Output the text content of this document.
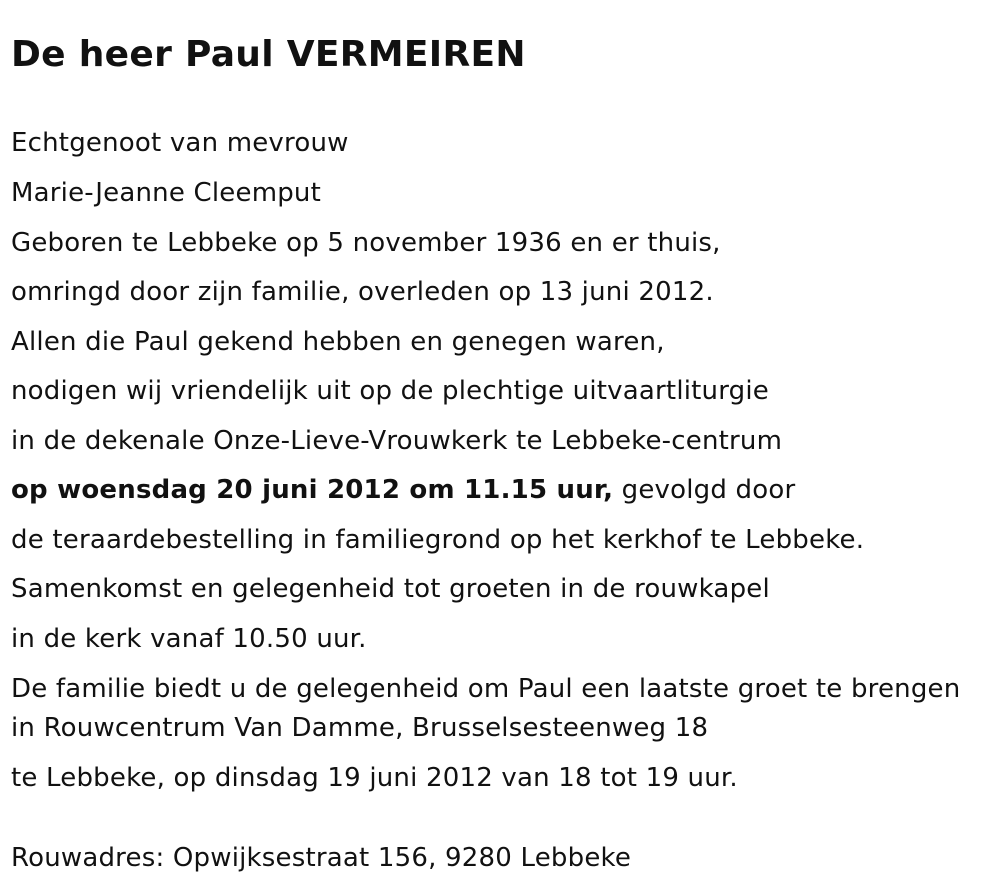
De heer Paul VERMEIREN

Echtgenoot van mevrouw

Marie-Jeanne Cleemput

Geboren te Lebbeke op 5 november 1936 en er thuis,

omringd door zijn familie, overleden op 13 juni 2012.

Allen die Paul gekend hebben en genegen waren,

nodigen wij vriendelijk uit op de plechtige uitvaartliturgie

in de dekenale Onze-Lieve-Vrouwkerk te Lebbeke-centrum

op woensdag 20 juni 2012 om 11.15 uur, gevolgd door

de teraardebestelling in familiegrond op het kerkhof te Lebbeke.

Samenkomst en gelegenheid tot groeten in de rouwkapel

in de kerk vanaf 10.50 uur.

De familie biedt u de gelegenheid om Paul een laatste groet te brengen

in Rouwcentrum Van Damme, Brusselsesteenweg 18

te Lebbeke, op dinsdag 19 juni 2012 van 18 tot 19 uur.

Rouwadres: Opwijksestraat 156, 9280 Lebbeke
